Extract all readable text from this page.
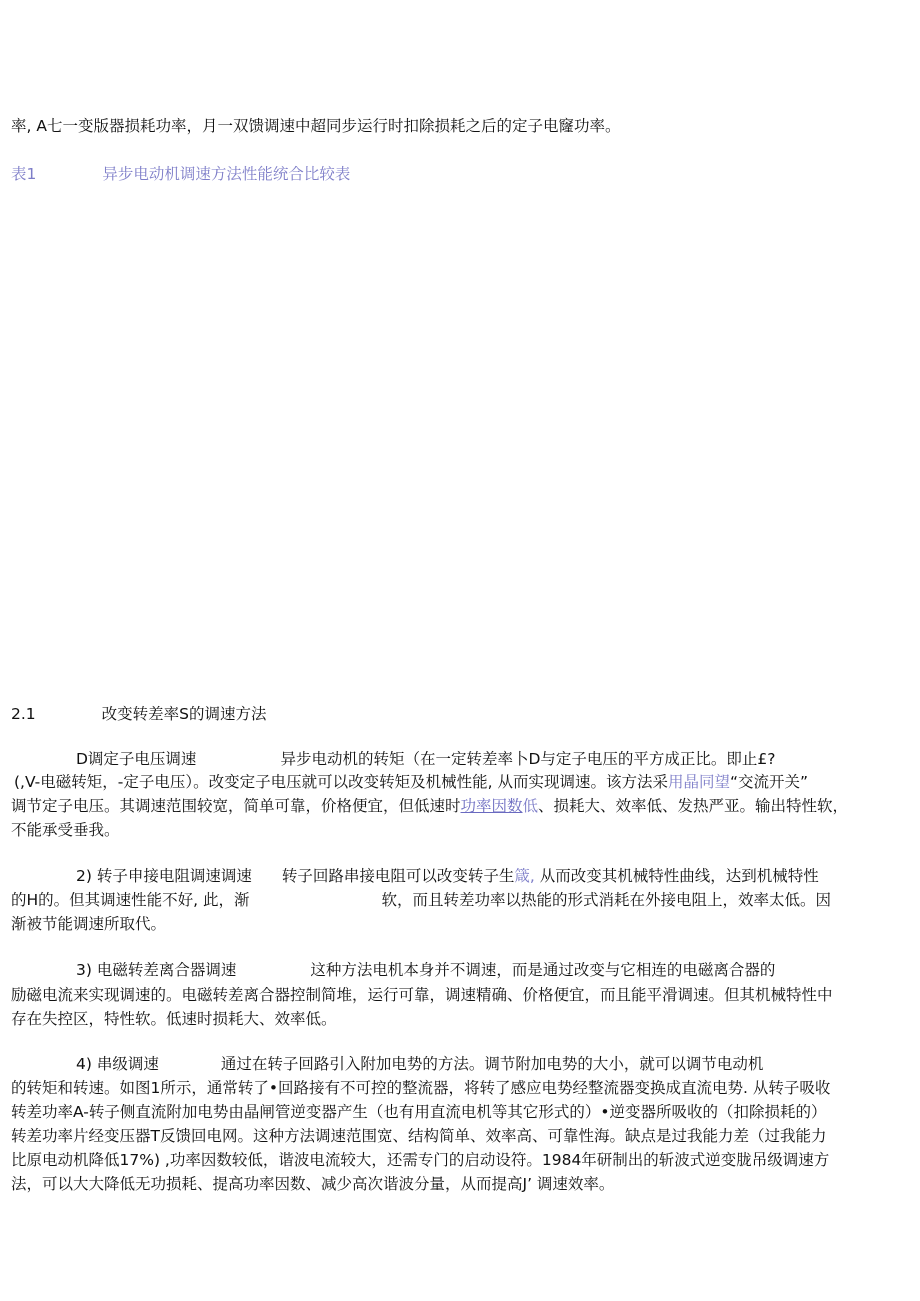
率, A七一变版器损耗功率，月一双馈调速中超同步运行时扣除损耗之后的定子电窿功率。
表1	异步电动机调速方法性能统合比较表
2.1	改变转差率S的调速方法
D调定子电压调速	异步电动机的转矩（在一定转差率卜D与定子电压的平方成正比。即止£?
(,V-电磁转矩，-定子电压）。改变定子电压就可以改变转矩及机械性能, 从而实现调速。该方法采用晶同望“交流开关”
调节定子电压。其调速范围较宽，简单可靠，价格便宜，但低速时功率因数低、损耗大、效率低、发热严亚。输出特性软，
不能承受垂我。
2) 转子申接电阻调速调速 转子回路串接电阻可以改变转子生箴, 从而改变其机械特性曲线，达到机械特性
的H的。但其调速性能不好, 此，渐	软，而且转差功率以热能的形式消耗在外接电阻上，效率太低。因
渐被节能调速所取代。
3) 电磁转差离合器调速	这种方法电机本身并不调速，而是通过改变与它相连的电磁离合器的
励磁电流来实现调速的。电磁转差离合器控制简堆，运行可靠，调速精确、价格便宜，而且能平滑调速。但其机械特性中
存在失控区，特性软。低速时损耗大、效率低。
4) 串级调速	通过在转子回路引入附加电势的方法。调节附加电势的大小，就可以调节电动机
的转矩和转速。如图1所示，通常转了•回路接有不可控的整流器，将转了感应电势经整流器变换成直流电势. 从转子吸收
转差功率A-转子侧直流附加电势由晶闸管逆变器产生（也有用直流电机等其它形式的）•逆变器所吸收的（扣除损耗的）
转差功率片经变压器T反馈回电网。这种方法调速范围宽、结构简单、效率高、可靠性海。缺点是过我能力差（过我能力
比原电动机降低17%) ,功率因数较低，谐波电流较大，还需专门的启动设符。1984年研制出的斩波式逆变胧吊级调速方
法，可以大大降低无功损耗、提高功率因数、减少高次谐波分量，从而提高J’ 调速效率。
